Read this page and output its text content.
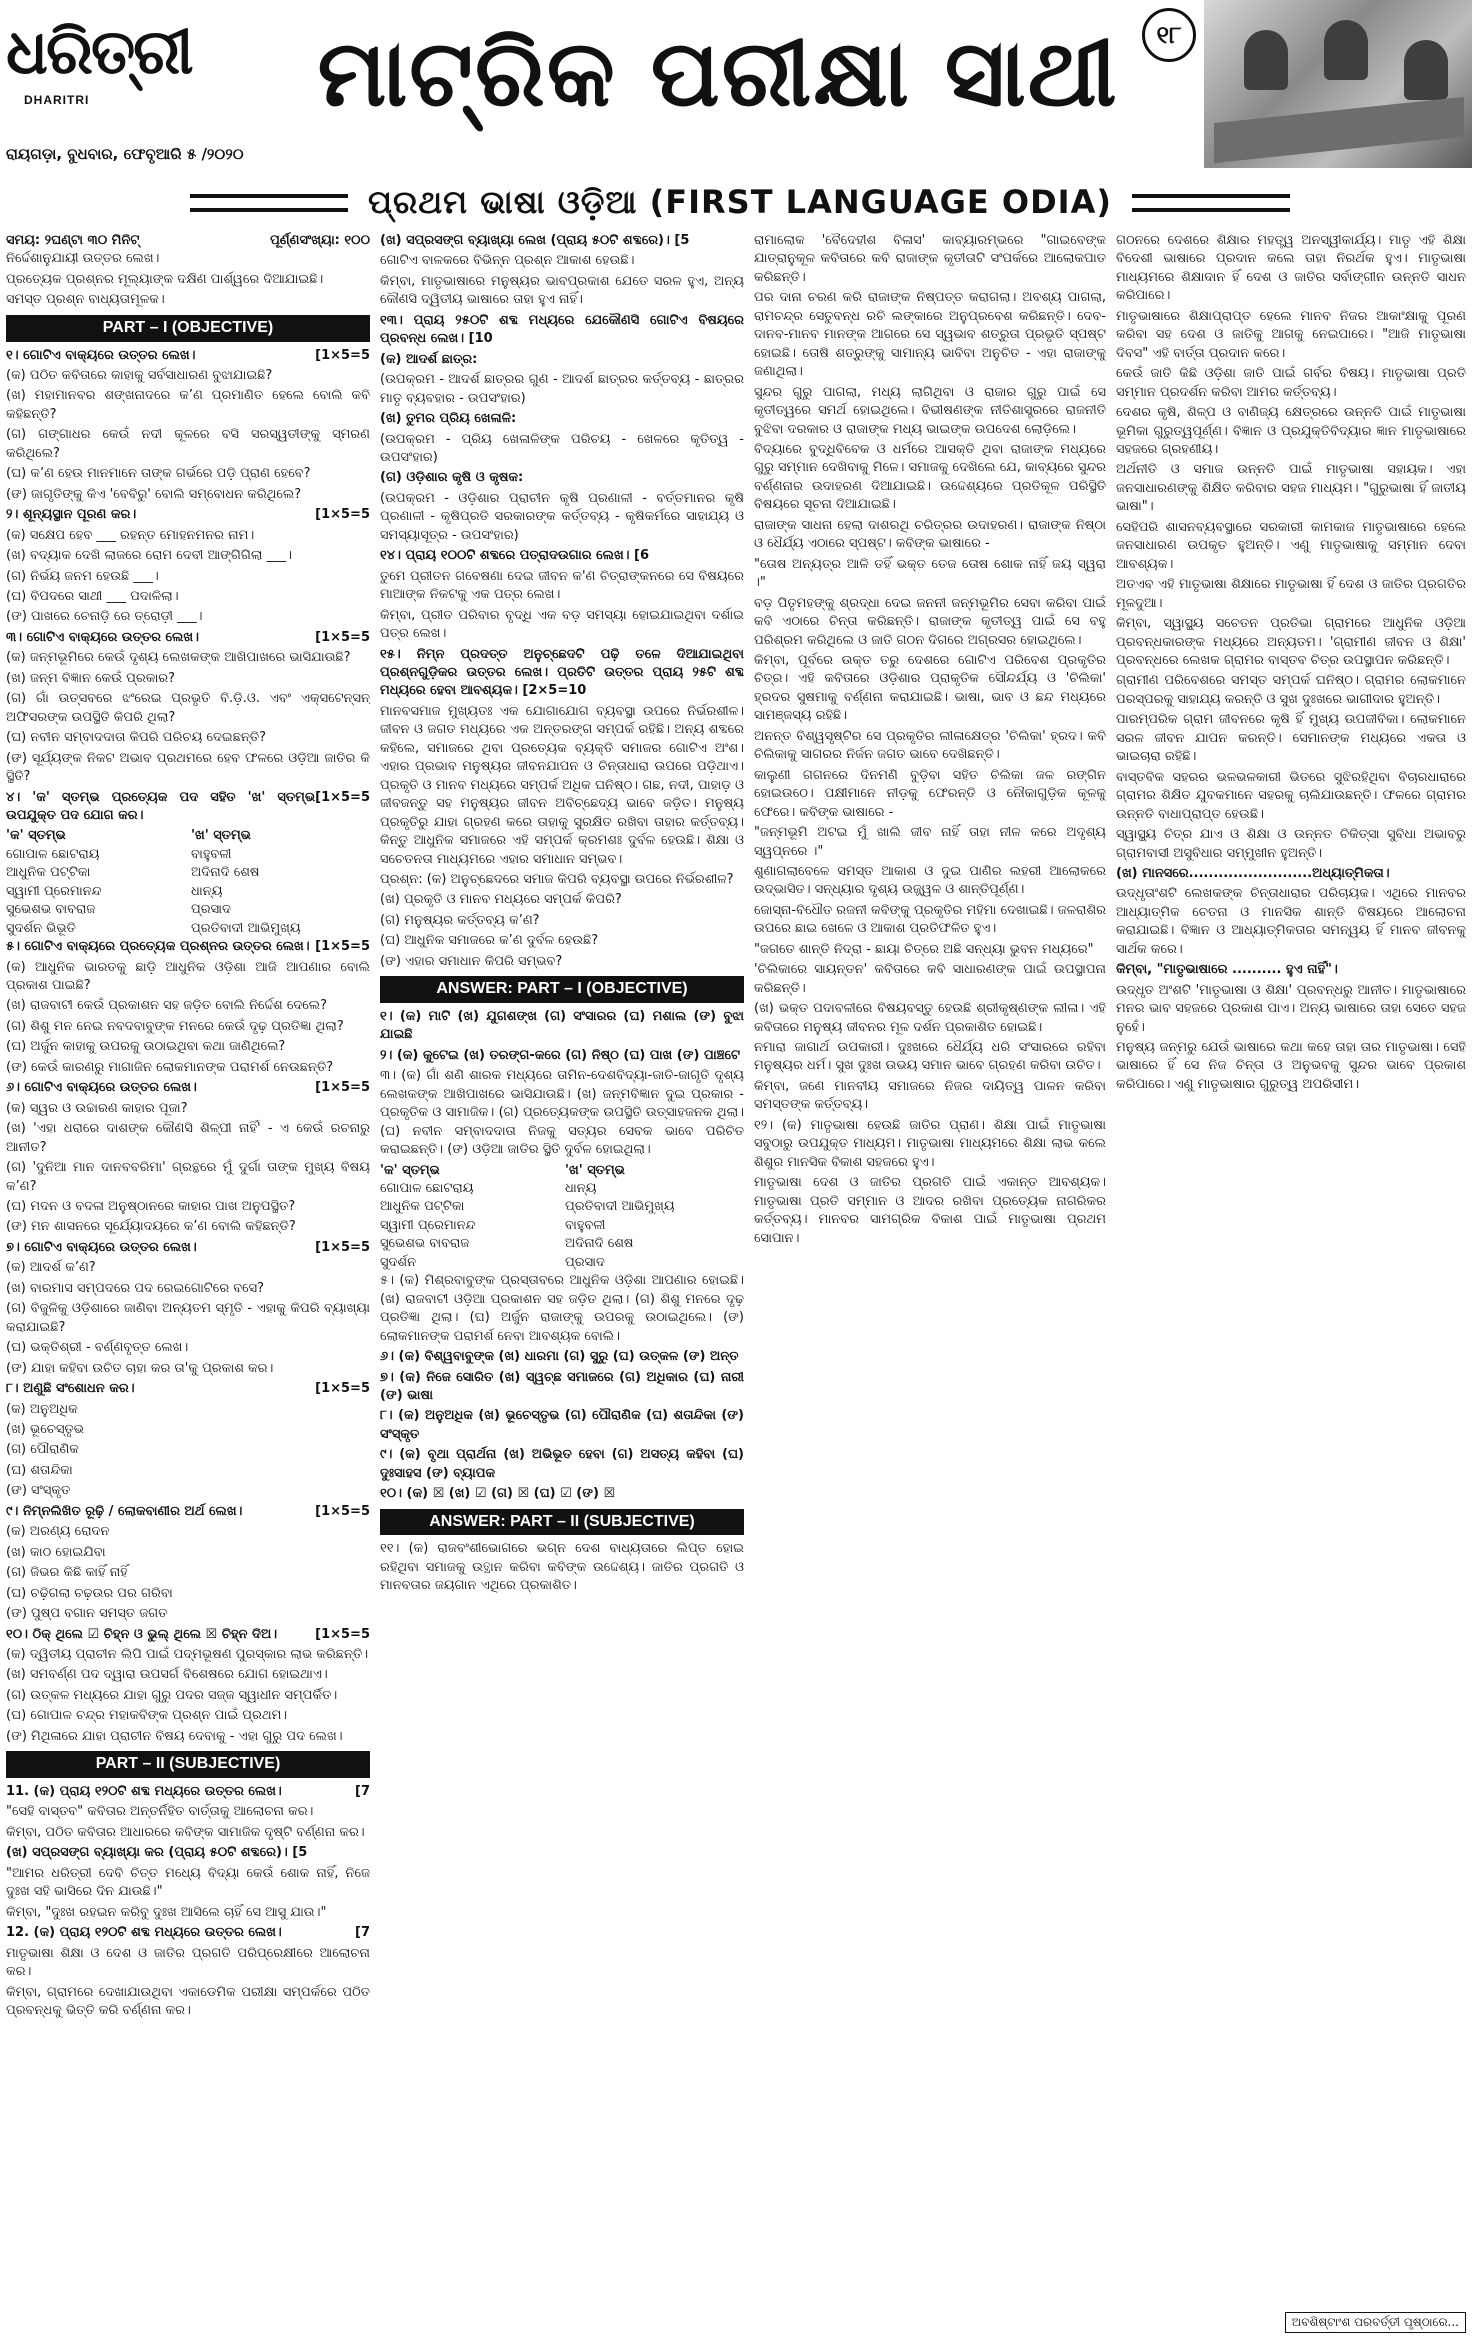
ଧରିତ୍ରୀ
DHARITRI
ରାୟଗଡ଼ା, ବୁଧବାର, ଫେବୃଆରି ୫ /୨୦୨୦
ମାଟ୍ରିକ ପରୀକ୍ଷା ସାଥୀ	୧୮
ପ୍ରଥମ ଭାଷା ଓଡ଼ିଆ (FIRST LANGUAGE ODIA)
ସମୟ: ୨ଘଣ୍ଟା ୩୦ ମିନିଟ୍	ପୂର୍ଣ୍ଣସଂଖ୍ୟା: ୧୦୦

ନିର୍ଦ୍ଦେଶାନୁଯାୟୀ ଉତ୍ତର ଲେଖ।

ପ୍ରତ୍ୟେକ ପ୍ରଶ୍ନର ମୂଲ୍ୟାଙ୍କ ଦକ୍ଷିଣ ପାର୍ଶ୍ୱରେ ଦିଆଯାଇଛି।

ସମସ୍ତ ପ୍ରଶ୍ନ ବାଧ୍ୟତାମୂଳକ।

PART – I (OBJECTIVE)

[1×5=5
୧। ଗୋଟିଏ ବାକ୍ୟରେ ଉତ୍ତର ଲେଖ।

(କ) ପଠିତ କବିତାରେ କାହାକୁ ସର୍ବସାଧାରଣ ବୁଝାଯାଇଛି?

(ଖ) ମହାମାନବର ଶଙ୍ଖନାଦରେ କ’ଣ ପ୍ରମାଣିତ ହେଲେ ବୋଲି କବି କହିଛନ୍ତି?

(ଗ) ଗଙ୍ଗାଧର କେଉଁ ନଦୀ କୂଳରେ ବସି ସରସ୍ୱତୀଙ୍କୁ ସ୍ମରଣ କରିଥିଲେ?

(ଘ) କ’ଣ ହେଉ ମାନମାନେ ତାଙ୍କ ଗର୍ଭରେ ପଡ଼ି ପ୍ରାଣ ହେବେ?

(ଙ) ଜାଗୃତିଙ୍କୁ କିଏ 'ବେବିରୁ' ବୋଲି ସମ୍ବୋଧନ କରିଥିଲେ?

[1×5=5
୨। ଶୂନ୍ୟସ୍ଥାନ ପୂରଣ କର।

(କ) ସକ୍ଷେପ ହେବ ___ ରହନ୍ତ ମୋହନମନର ନାମ।

(ଖ) ବଦ୍ୟାକ ଦେଖି ଲାଜରେ ରୋମ ଦେବୀ ଆଙ୍ଗିଗିଲା ___।

(ଗ) ନିର୍ଭୟ ଜନମ ହେଉଛି ___।

(ଘ) ବିପଦରେ ସାଥୀ ___ ପଦାଳିଲା।

(ଙ) ପାଖରେ ଚେନାଡ଼ି ରେ ତ୍ରୋଡ଼ୀ ___।

[1×5=5
୩। ଗୋଟିଏ ବାକ୍ୟରେ ଉତ୍ତର ଲେଖ।

(କ) ଜନ୍ମଭୂମିରେ କେଉଁ ଦୃଶ୍ୟ ଲେଖକଙ୍କ ଆଖିପାଖରେ ଭାସିଯାଉଛି?

(ଖ) ଜନ୍ମ ବିଜ୍ଞାନ କେଉଁ ପ୍ରକାର?

(ଗ) ଗାଁ ଉତ୍ସବରେ ଝଂରେଇ ପ୍ରଭୃତି ବି.ଡ଼ି.ଓ. ଏବଂ ଏକ୍ସଟେନ୍‌ସନ୍ ଅଫିସରଙ୍କ ଉପସ୍ଥିତି କିପରି ଥିଲା?

(ଘ) ନବୀନ ସମ୍ବାଦଦାତା କିପରି ପରିଚୟ ଦେଇଛନ୍ତି?

(ଙ) ସୂର୍ଯ୍ୟଙ୍କ ନିକଟ ଅଭାବ ପ୍ରଥମରେ ହେବ ଫଳରେ ଓଡ଼ିଆ ଜାତିର କି ସ୍ଥିତି?

[1×5=5
୪। 'କ' ସ୍ତମ୍ଭ ପ୍ରତ୍ୟେକ ପଦ ସହିତ 'ଖ' ସ୍ତମ୍ଭ ଉପଯୁକ୍ତ ପଦ ଯୋଗ କର।

'କ' ସ୍ତମ୍ଭ	'ଖ' ସ୍ତମ୍ଭ
ଗୋପାଳ ଛୋଟରାୟ	ବାହୁବଳୀ
ଆଧୁନିକ ପଟ୍ଟିକା	ଅଦିନାଦି ଶେଷ
ସ୍ୱାମୀ ପ୍ରେମାନନ୍ଦ	ଧାନ୍ୟ
ସୁଭେଶଭ ବାବରାଜ	ପ୍ରସାଦ
ସୁଦର୍ଶନ ଭିଭୂତି	ପ୍ରତିବାଦୀ ଆଭିମୁଖ୍ୟ

[1×5=5
୫। ଗୋଟିଏ ବାକ୍ୟରେ ପ୍ରତ୍ୟେକ ପ୍ରଶ୍ନର ଉତ୍ତର ଲେଖ।

(କ) ଆଧୁନିକ ଭାରତକୁ ଛାଡ଼ି ଆଧୁନିକ ଓଡ଼ିଶା ଆଜି ଆପଣାର ବୋଲି ପ୍ରକାଶ ପାଇଛି?

(ଖ) ରାଜବାଟୀ କେଉଁ ପ୍ରକାଶନ ସହ ଜଡ଼ିତ ବୋଲି ନିର୍ଦ୍ଦେଶ ଦେଲେ?

(ଗ) ଶିଶୁ ମନ ନେଇ ନବଦବାବୁଙ୍କ ମନରେ କେଉଁ ଦୃଢ଼ ପ୍ରତିଜ୍ଞା ଥିଲା?

(ଘ) ଅର୍ଜୁନ କାହାକୁ ଉପରକୁ ଉଠାଇଥିବା କଥା ଜାଣିଥିଲେ?

(ଙ) କେଉଁ କାରଣରୁ ମାଗାଜିନ ଲୋକମାନଙ୍କ ପରାମର୍ଶ ନେଉଛନ୍ତି?

[1×5=5
୬। ଗୋଟିଏ ବାକ୍ୟରେ ଉତ୍ତର ଲେଖ।

(କ) ସ୍ୱର ଓ ଉଚ୍ଚାରଣ କାହାର ପୂଜା?

(ଖ) 'ଏହା ଧରାରେ ଦାଶଙ୍କ କୌଣସି ଶିଳ୍ପୀ ନାହିଁ' - ଏ କେଉଁ ରଚନାରୁ ଆନୀତ?

(ଗ) 'ଦୁନିଆ ମାନ ଦାନବବରିମା' ଗ୍ରନ୍ଥରେ ମୁଁ ଦୁର୍ଗା ତାଙ୍କ ମୁଖ୍ୟ ବିଷୟ କ’ଣ?

(ଘ) ମଦନ ଓ ବଦଳା ଅନୁଷ୍ଠାନରେ କାହାର ପାଖ ଅନୁପସ୍ଥିତ?

(ଙ) ମନ ଶାସନରେ ସୂର୍ଯ୍ୟୋଦୟରେ କ’ଣ ବୋଲି କହିଛନ୍ତି?

[1×5=5
୭। ଗୋଟିଏ ବାକ୍ୟରେ ଉତ୍ତର ଲେଖ।

(କ) ଆଦର୍ଶ କ’ଣ?

(ଖ) ବାରମାସ ସମ୍ପଦରେ ପଦ ରେଇଗୋଟିରେ ବସେ?

(ଗ) ବିଜୁଳିକୁ ଓଡ଼ିଶାରେ ଜାଣିବା ଅନ୍ୟତମ ସ୍ମୃତି - ଏହାକୁ କିପରି ବ୍ୟାଖ୍ୟା କରାଯାଇଛି?

(ଘ) ଭକ୍ତିଶ୍ରୀ - ବର୍ଣ୍ଣବୃତ୍ତ ଲେଖ।

(ଙ) ଯାହା କହିବା ଉଚିତ ଚାହା କର ତା'କୁ ପ୍ରକାଶ କର।

[1×5=5
୮। ଅଣୁଛି ସଂଶୋଧନ କର।

(କ) ଅନୁଅଧିକ

(ଖ) ଭୂଚେସ୍ତୃଭ

(ଗ) ପୌରାଣିକ

(ଘ) ଶତାନ୍ଦିକା

(ଙ) ସଂସ୍କୃତ

[1×5=5
୯। ନିମ୍ନଲିଖିତ ରୂଢ଼ି / ଲୋକବାଣୀର ଅର୍ଥ ଲେଖ।

(କ) ଅରଣ୍ୟ ରୋଦନ

(ଖ) କାଠ ହୋଇଯିବା

(ଗ) ଜିଭର କିଛି କାହିଁ ନାହିଁ

(ଘ) ଚଢ଼ିଗଲା ଚଢ଼ଉର ପର ଗରିବା

(ଙ) ପୁଷ୍ପ ବଗାନ ସମସ୍ତ ଜଗତ

[1×5=5
୧୦। ଠିକ୍ ଥିଲେ ☑ ଚିହ୍ନ ଓ ଭୁଲ୍ ଥିଲେ ☒ ଚିହ୍ନ ଦିଅ।

(କ) ଦ୍ୱିତୀୟ ପ୍ରାଚୀନ ଲିପି ପାଇଁ ପଦ୍ମଭୂଷଣ ପୁରସ୍କାର ଲାଭ କରିଛନ୍ତି।

(ଖ) ସମବର୍ଣ୍ଣ ପଦ ଦ୍ୱାରା ଉପସର୍ଗ ବିଶେଷରେ ଯୋଗ ହୋଇଥାଏ।

(ଗ) ଉତ୍କଳ ମଧ୍ୟରେ ଯାହା ଗୁରୁ ପଦର ସଜ୍ଜ ସ୍ୱାଧୀନ ସମ୍ପର୍କିତ।

(ଘ) ଗୋପାଳ ଚନ୍ଦ୍ର ମହାକବିଙ୍କ ପ୍ରଶ୍ନ ପାଇଁ ପ୍ରଥମ।

(ଙ) ମିଥିଳାରେ ଯାହା ପ୍ରାଚୀନ ବିଷୟ ଦେବାକୁ - ଏହା ଗୁରୁ ପଦ ଲେଖ।

PART – II (SUBJECTIVE)

[7
11. (କ) ପ୍ରାୟ ୧୨୦ଟି ଶବ୍ଦ ମଧ୍ୟରେ ଉତ୍ତର ଲେଖ।

"ସେହି ବାସ୍ତବ" କବିତାର ଅନ୍ତର୍ନିହିତ ବାର୍ତ୍ତାକୁ ଆଲୋଚନା କର।

କିମ୍ବା, ପଠିତ କବିତାର ଆଧାରରେ କବିଙ୍କ ସାମାଜିକ ଦୃଷ୍ଟି ବର୍ଣ୍ଣନା କର।

(ଖ) ସପ୍ରସଙ୍ଗ ବ୍ୟାଖ୍ୟା କର (ପ୍ରାୟ ୫୦ଟି ଶବ୍ଦରେ)। [5

"ଆମର ଧରିତ୍ରୀ ଦେବି ଚିତ୍ତ ମଧ୍ୟେ ବିଦ୍ୟା କେଉଁ ଶୋକ ନାହିଁ, ନିଜେ ଦୁଃଖ ସହି ଭାସିରେ ଦିନ ଯାଉଛି।"

କିମ୍ବା, "ଦୁଃଖ ରହଇନ କରିବୁ ଦୁଃଖ ଆସିଲେ ଚାହିଁ ସେ ଆସୁ ଯାଉ।"

[7
12. (କ) ପ୍ରାୟ ୧୨୦ଟି ଶବ୍ଦ ମଧ୍ୟରେ ଉତ୍ତର ଲେଖ।

ମାତୃଭାଷା ଶିକ୍ଷା ଓ ଦେଶ ଓ ଜାତିର ପ୍ରଗତି ପରିପ୍ରେକ୍ଷୀରେ ଆଲୋଚନା କର।

କିମ୍ବା, ଗ୍ରାମରେ ଦେଖାଯାଉଥିବା ଏକାଡେମିକ ପରୀକ୍ଷା ସମ୍ପର୍କରେ ପଠିତ ପ୍ରବନ୍ଧକୁ ଭିତ୍ତି କରି ବର୍ଣ୍ଣନା କର।

(ଖ) ସପ୍ରସଙ୍ଗ ବ୍ୟାଖ୍ୟା ଲେଖ (ପ୍ରାୟ ୫୦ଟି ଶବ୍ଦରେ)। [5

ଗୋଟିଏ ବାଳକରେ ବିଭିନ୍ନ ପ୍ରଶ୍ନ ଆକାଶ ହେଉଛି।

କିମ୍ବା, ମାତୃଭାଷାରେ ମନୁଷ୍ୟର ଭାବପ୍ରକାଶ ଯେତେ ସରଳ ହୁଏ, ଅନ୍ୟ କୌଣସି ଦ୍ୱିତୀୟ ଭାଷାରେ ତାହା ହୁଏ ନାହିଁ।

୧୩। ପ୍ରାୟ ୨୫୦ଟି ଶବ୍ଦ ମଧ୍ୟରେ ଯେକୌଣସି ଗୋଟିଏ ବିଷୟରେ ପ୍ରବନ୍ଧ ଲେଖ। [10

(କ) ଆଦର୍ଶ ଛାତ୍ର:

(ଉପକ୍ରମ - ଆଦର୍ଶ ଛାତ୍ରର ଗୁଣ - ଆଦର୍ଶ ଛାତ୍ରର କର୍ତ୍ତବ୍ୟ - ଛାତ୍ରର ମାତୃ ବ୍ୟବହାର - ଉପସଂହାର)

(ଖ) ତୁମର ପ୍ରିୟ ଖେଳାଳି:

(ଉପକ୍ରମ - ପ୍ରିୟ ଖେଳାଳିଙ୍କ ପରିଚୟ - ଖେଳରେ କୃତିତ୍ୱ - ଉପସଂହାର)

(ଗ) ଓଡ଼ିଶାର କୃଷି ଓ କୃଷକ:

(ଉପକ୍ରମ - ଓଡ଼ିଶାର ପ୍ରାଚୀନ କୃଷି ପ୍ରଣାଳୀ - ବର୍ତ୍ତମାନର କୃଷି ପ୍ରଣାଳୀ - କୃଷିପ୍ରତି ସରକାରଙ୍କ କର୍ତ୍ତବ୍ୟ - କୃଷିକର୍ମରେ ସାହାଯ୍ୟ ଓ ସମସ୍ୟାସୂତ୍ର - ଉପସଂହାର)

୧୪। ପ୍ରାୟ ୧୦୦ଟି ଶବ୍ଦରେ ପତ୍ରାଦଉଗାର ଲେଖ। [6

ତୁମେ ପ୍ରୀତନ ଗବେଷଣା ଦେଇ ଜୀବନ କ'ଣ ଚିତ୍ରାଙ୍କନରେ ସେ ବିଷୟରେ ମାଆଙ୍କ ନିକଟକୁ ଏକ ପତ୍ର ଲେଖ।

କିମ୍ବା, ପ୍ରୀତ ପରିବାର ବୃଦ୍ଧି ଏକ ବଡ଼ ସମସ୍ୟା ହୋଇଯାଇଥିବା ଦର୍ଶାଇ ପତ୍ର ଲେଖ।

୧୫। ନିମ୍ନ ପ୍ରଦତ୍ତ ଅନୁଚ୍ଛେଦଟି ପଢ଼ି ତଳେ ଦିଆଯାଇଥିବା ପ୍ରଶ୍ନଗୁଡ଼ିକର ଉତ୍ତର ଲେଖ। ପ୍ରତିଟି ଉତ୍ତର ପ୍ରାୟ ୨୫ଟି ଶବ୍ଦ ମଧ୍ୟରେ ହେବା ଆବଶ୍ୟକ। [2×5=10

ମାନବସମାଜ ମୁଖ୍ୟତଃ ଏକ ଯୋଗାଯୋଗ ବ୍ୟବସ୍ଥା ଉପରେ ନିର୍ଭରଶୀଳ। ଜୀବନ ଓ ଜଗତ ମଧ୍ୟରେ ଏକ ଅନ୍ତରଙ୍ଗ ସମ୍ପର୍କ ରହିଛି। ଅନ୍ୟ ଶବ୍ଦରେ କହିଲେ, ସମାଜରେ ଥିବା ପ୍ରତ୍ୟେକ ବ୍ୟକ୍ତି ସମାଜର ଗୋଟିଏ ଅଂଶ। ଏହାର ପ୍ରଭାବ ମନୁଷ୍ୟର ଜୀବନଯାପନ ଓ ଚିନ୍ତାଧାରା ଉପରେ ପଡ଼ିଥାଏ। ପ୍ରକୃତି ଓ ମାନବ ମଧ୍ୟରେ ସମ୍ପର୍କ ଅଧିକ ଘନିଷ୍ଠ। ଗଛ, ନଦୀ, ପାହାଡ଼ ଓ ଜୀବଜନ୍ତୁ ସହ ମନୁଷ୍ୟର ଜୀବନ ଅବିଚ୍ଛେଦ୍ୟ ଭାବେ ଜଡ଼ିତ। ମନୁଷ୍ୟ ପ୍ରକୃତିରୁ ଯାହା ଗ୍ରହଣ କରେ ତାହାକୁ ସୁରକ୍ଷିତ ରଖିବା ତାହାର କର୍ତ୍ତବ୍ୟ। କିନ୍ତୁ ଆଧୁନିକ ସମାଜରେ ଏହି ସମ୍ପର୍କ କ୍ରମଶଃ ଦୁର୍ବଳ ହେଉଛି। ଶିକ୍ଷା ଓ ସଚେତନତା ମାଧ୍ୟମରେ ଏହାର ସମାଧାନ ସମ୍ଭବ।

ପ୍ରଶ୍ନ: (କ) ଅନୁଚ୍ଛେଦରେ ସମାଜ କିପରି ବ୍ୟବସ୍ଥା ଉପରେ ନିର୍ଭରଶୀଳ?

(ଖ) ପ୍ରକୃତି ଓ ମାନବ ମଧ୍ୟରେ ସମ୍ପର୍କ କିପରି?

(ଗ) ମନୁଷ୍ୟର କର୍ତ୍ତବ୍ୟ କ’ଣ?

(ଘ) ଆଧୁନିକ ସମାଜରେ କ’ଣ ଦୁର୍ବଳ ହେଉଛି?

(ଙ) ଏହାର ସମାଧାନ କିପରି ସମ୍ଭବ?

ANSWER: PART – I (OBJECTIVE)

୧। (କ) ମାଟି (ଖ) ଯୁଗଶଙ୍ଖ (ଗ) ସଂସାରର (ଘ) ମଶାଲ (ଙ) ବୁଝା ଯାଇଛି

୨। (କ) କୁଟେଇ (ଖ) ତରଙ୍ଗ-କରେ (ଗ) ନିଷ୍ଠ (ଘ) ପାଖ (ଙ) ପାଞ୍ଚଟେ

୩। (କ) ଗାଁ ଶଣି ଶାରକ ମଧ୍ୟରେ ତାମିନ-ଦେଶବିଦ୍ୟା-ଜାତି-ଜାଗୃତି ଦୃଶ୍ୟ ଲେଖକଙ୍କ ଆଖିପାଖରେ ଭାସିଯାଉଛି। (ଖ) ଜନ୍ମବିଜ୍ଞାନ ଦୁଇ ପ୍ରକାର - ପ୍ରକୃତିକ ଓ ସାମାଜିକ। (ଗ) ପ୍ରତ୍ୟେକଙ୍କ ଉପସ୍ଥିତି ଉତ୍ସାହଜନକ ଥିଲା। (ଘ) ନବୀନ ସମ୍ବାଦଦାତା ନିଜକୁ ସତ୍ୟର ସେବକ ଭାବେ ପରିଚିତ କରାଇଛନ୍ତି। (ଙ) ଓଡ଼ିଆ ଜାତିର ସ୍ଥିତି ଦୁର୍ବଳ ହୋଇଥିଲା।

'କ' ସ୍ତମ୍ଭ	'ଖ' ସ୍ତମ୍ଭ
ଗୋପାଳ ଛୋଟରାୟ	ଧାନ୍ୟ
ଆଧୁନିକ ପଟ୍ଟିକା	ପ୍ରତିବାଦୀ ଆଭିମୁଖ୍ୟ
ସ୍ୱାମୀ ପ୍ରେମାନନ୍ଦ	ବାହୁବଳୀ
ସୁଭେଶଭ ବାବରାଜ	ଅଦିନାଦି ଶେଷ
ସୁଦର୍ଶନ	ପ୍ରସାଦ

୫। (କ) ମିଶ୍ରବାବୁଙ୍କ ପ୍ରସ୍ତାବରେ ଆଧୁନିକ ଓଡ଼ିଶା ଆପଣାର ହୋଇଛି। (ଖ) ରାଜବାଟୀ ଓଡ଼ିଆ ପ୍ରକାଶନ ସହ ଜଡ଼ିତ ଥିଲା। (ଗ) ଶିଶୁ ମନରେ ଦୃଢ଼ ପ୍ରତିଜ୍ଞା ଥିଲା। (ଘ) ଅର୍ଜୁନ ରାଜାଙ୍କୁ ଉପରକୁ ଉଠାଇଥିଲେ। (ଙ) ଲୋକମାନଙ୍କ ପରାମର୍ଶ ନେବା ଆବଶ୍ୟକ ବୋଲି।

୬। (କ) ବିଶ୍ୱବାବୁଙ୍କ (ଖ) ଧାରମା (ଗ) ସୁରୁ (ଘ) ଉତ୍କଳ (ଙ) ଅନ୍ତ

୭। (କ) ନିଜେ ସୋରିତ (ଖ) ସ୍ୱଚ୍ଛ ସମାଜରେ (ଗ) ଅଧିକାର (ଘ) ନାରୀ (ଙ) ଭାଷା

୮। (କ) ଅନୁଅଧିକ (ଖ) ଭୂଚେସ୍ତୃଭ (ଗ) ପୌରାଣିକ (ଘ) ଶତାନ୍ଦିକା (ଙ) ସଂସ୍କୃତ

୯। (କ) ବୃଥା ପ୍ରାର୍ଥନା (ଖ) ଅଭିଭୂତ ହେବା (ଗ) ଅସତ୍ୟ କହିବା (ଘ) ଦୁଃସାହସ (ଙ) ବ୍ୟାପକ

୧୦। (କ) ☒ (ଖ) ☑ (ଗ) ☒ (ଘ) ☑ (ଙ) ☒

ANSWER: PART – II (SUBJECTIVE)

୧୧। (କ) ରାଜବଂଶୀଭୋଗରେ ଭଗ୍ନ ଦେଶ ବାଧ୍ୟତାରେ ଲିପ୍ତ ହୋଇ ରହିଥିବା ସମାଜକୁ ଉତ୍ଥାନ କରିବା କବିଙ୍କ ଉଦ୍ଦେଶ୍ୟ। ଜାତିର ପ୍ରଗତି ଓ ମାନବତାର ଜୟଗାନ ଏଥିରେ ପ୍ରକାଶିତ।

ରାମାଲୋକ 'ବୈଦେହୀଶ ବିଳାସ' କାବ୍ୟାରମ୍ଭରେ "ଗାଇବେଙ୍କ ଯାତ୍ରାନୁକୂଳ କବିତାରେ କବି ରାଜାଙ୍କ କୃତୀତାଟି ସଂପର୍କରେ ଆଲୋକପାତ କରିଛନ୍ତି।

ପର ଦାନା ଚରଣ କରି ରାଜାଙ୍କ ନିଷ୍ପତ୍ତ କରାଗଲା। ଅବଶ୍ୟ ପାଗଲା, ରାମଚନ୍ଦ୍ର ସେତୁବନ୍ଧ ରଚି ଲଙ୍କାରେ ଅନୁପ୍ରବେଶ କରିଛନ୍ତି। ଦେବ-ଦାନବ-ମାନବ ମାନଙ୍କ ଆଗରେ ସେ ସ୍ୱଭାବ ଶତ୍ରୁତା ପ୍ରଭୃତି ସ୍ପଷ୍ଟ ହୋଇଛି। ତୋଷି ଶତ୍ରୁଙ୍କୁ ସାମାନ୍ୟ ଭାବିବା ଅନୁଚିତ - ଏହା ରାଜାଙ୍କୁ ଜଣାଥିଲା।

ସୁନ୍ଦର ଗୁରୁ ପାଗଲା, ମଧ୍ୟ ଲାଗିଥିବା ଓ ରାଜାର ଗୁରୁ ପାଇଁ ସେ କୃତୀତ୍ୱରେ ସମର୍ଥ ହୋଇଥିଲେ। ବିଭୀଷଣଙ୍କ ନୀତିଶାସ୍ତ୍ରରେ ରାଜନୀତି ବୁଝିବା ଦରକାର ଓ ରାଜାଙ୍କ ମଧ୍ୟ ଭାଇଙ୍କ ଉପଦେଶ ଲୋଡ଼ିଲେ।

ବିଦ୍ୟାରେ ବୁଦ୍ଧିବିବେକ ଓ ଧର୍ମରେ ଆସକ୍ତି ଥିବା ରାଜାଙ୍କ ମଧ୍ୟରେ ଗୁରୁ ସମ୍ମାନ ଦେଖିବାକୁ ମିଳେ। ସମାଜକୁ ଦେଖିଲେ ଯେ, କାବ୍ୟରେ ସୁନ୍ଦର ବର୍ଣ୍ଣନାର ଉଦାହରଣ ଦିଆଯାଇଛି। ଉଦ୍ଦେଶ୍ୟରେ ପ୍ରତିକୂଳ ପରିସ୍ଥିତି ବିଷୟରେ ସୂଚନା ଦିଆଯାଇଛି।

ରାଜାଙ୍କ ସାଧନା ହେଲା ଦାଶରଥି ଚରିତ୍ରର ଉଦାହରଣ। ରାଜାଙ୍କ ନିଷ୍ଠା ଓ ଧୈର୍ଯ୍ୟ ଏଠାରେ ସ୍ପଷ୍ଟ। କବିଙ୍କ ଭାଷାରେ -

"ତୋଷ ଅନ୍ୟତ୍ର ଆଳି ତହିଁ ଭକ୍ତ ତେଜ ତୋଷ ଶୋକ ନାହିଁ ଜୟ ସ୍ୱରା ।"

ବଡ଼ ପିତୃମହଙ୍କୁ ଶ୍ରଦ୍ଧା ଦେଇ ଜନନୀ ଜନ୍ମଭୂମିର ସେବା କରିବା ପାଇଁ କବି ଏଠାରେ ଚିନ୍ତା କରିଛନ୍ତି। ରାଜାଙ୍କ କୃତୀତ୍ୱ ପାଇଁ ସେ ବହୁ ପରିଶ୍ରମ କରିଥିଲେ ଓ ଜାତି ଗଠନ ଦିଗରେ ଅଗ୍ରସର ହୋଇଥିଲେ।

କିମ୍ବା, ପୂର୍ବରେ ଉକ୍ତ ତରୁ ଦେଶରେ ଗୋଟିଏ ପରିବେଶ ପ୍ରକୃତିର ଚିତ୍ର। ଏହି କବିତାରେ ଓଡ଼ିଶାର ପ୍ରାକୃତିକ ସୌନ୍ଦର୍ଯ୍ୟ ଓ 'ଚିଲିକା' ହ୍ରଦର ସୁଷମାକୁ ବର୍ଣ୍ଣନା କରାଯାଇଛି। ଭାଷା, ଭାବ ଓ ଛନ୍ଦ ମଧ୍ୟରେ ସାମଞ୍ଜସ୍ୟ ରହିଛି।

ଅନନ୍ତ ବିଶ୍ୱସୃଷ୍ଟିର ସେ ପ୍ରକୃତିର ଲୀଳାକ୍ଷେତ୍ର 'ଚିଲିକା' ହ୍ରଦ। କବି ଚିଲିକାକୁ ସାଗରର ନିର୍ଜନ ଜଗତ ଭାବେ ଦେଖିଛନ୍ତି।

କାଲୁଣୀ ଗଗନରେ ଦିନମଣି ବୁଡ଼ିବା ସହିତ ଚିଲିକା ଜଳ ରଙ୍ଗିନ ହୋଇଉଠେ। ପକ୍ଷୀମାନେ ନୀଡ଼କୁ ଫେରନ୍ତି ଓ ନୌକାଗୁଡ଼ିକ କୂଳକୁ ଫେରେ। କବିଙ୍କ ଭାଷାରେ -

"ଜନ୍ମଭୂମି ଅଟଇ ମୁଁ ଖାଲି ଜୀବ ନାହିଁ ତାହା ନୀଳ କରେ ଅଦୃଶ୍ୟ ସ୍ୱପ୍ନରେ ।"

ଶୁଣାଗଲାବେଳେ ସମସ୍ତ ଆକାଶ ଓ ଦୁଇ ପାଣିର ଲହରୀ ଆଲୋକରେ ଉଦ୍ଭାସିତ। ସନ୍ଧ୍ୟାର ଦୃଶ୍ୟ ଉଜ୍ଜ୍ୱଳ ଓ ଶାନ୍ତିପୂର୍ଣ୍ଣ।

ଜୋସ୍ନା-ବିଧୌତ ରଜନୀ କବିଙ୍କୁ ପ୍ରକୃତିର ମହିମା ଦେଖାଇଛି। ଜଳରାଶିର ଉପରେ ଛାଇ ଖେଳେ ଓ ଆକାଶ ପ୍ରତିଫଳିତ ହୁଏ।

"ଜଗତେ ଶାନ୍ତି ନିଦ୍ରା - ଛାୟା ଚିତ୍ରେ ଅଛି ସନ୍ଧ୍ୟା ଭୁବନ ମଧ୍ୟରେ"

'ଚିଲିକାରେ ସାୟନ୍ତନ' କବିତାରେ କବି ସାଧାରଣଙ୍କ ପାଇଁ ଉପସ୍ଥାପନା କରିଛନ୍ତି।

(ଖ) ଭକ୍ତ ପଦାବଳୀରେ ବିଷୟବସ୍ତୁ ହେଉଛି ଶ୍ରୀକୃଷ୍ଣଙ୍କ ଲୀଳା। ଏହି କବିତାରେ ମନୁଷ୍ୟ ଜୀବନର ମୂଳ ଦର୍ଶନ ପ୍ରକାଶିତ ହୋଇଛି।

ନମାରା ଜାଗାର୍ଥ ଉପକାରୀ। ଦୁଃଖରେ ଧୈର୍ଯ୍ୟ ଧରି ସଂସାରରେ ରହିବା ମନୁଷ୍ୟର ଧର୍ମ। ସୁଖ ଦୁଃଖ ଉଭୟ ସମାନ ଭାବେ ଗ୍ରହଣ କରିବା ଉଚିତ।

କିମ୍ବା, ଜଣେ ମାନବୀୟ ସମାଜରେ ନିଜର ଦାୟିତ୍ୱ ପାଳନ କରିବା ସମସ୍ତଙ୍କ କର୍ତ୍ତବ୍ୟ।

୧୨। (କ) ମାତୃଭାଷା ହେଉଛି ଜାତିର ପ୍ରାଣ। ଶିକ୍ଷା ପାଇଁ ମାତୃଭାଷା ସବୁଠାରୁ ଉପଯୁକ୍ତ ମାଧ୍ୟମ। ମାତୃଭାଷା ମାଧ୍ୟମରେ ଶିକ୍ଷା ଲାଭ କଲେ ଶିଶୁର ମାନସିକ ବିକାଶ ସହଜରେ ହୁଏ।

ମାତୃଭାଷା ଦେଶ ଓ ଜାତିର ପ୍ରଗତି ପାଇଁ ଏକାନ୍ତ ଆବଶ୍ୟକ। ମାତୃଭାଷା ପ୍ରତି ସମ୍ମାନ ଓ ଆଦର ରଖିବା ପ୍ରତ୍ୟେକ ନାଗରିକର କର୍ତ୍ତବ୍ୟ। ମାନବର ସାମଗ୍ରିକ ବିକାଶ ପାଇଁ ମାତୃଭାଷା ପ୍ରଥମ ସୋପାନ।

ଗଠନରେ ଦେଶରେ ଶିକ୍ଷାର ମହତ୍ତ୍ୱ ଅନସ୍ୱୀକାର୍ଯ୍ୟ। ମାତୃ ଏହି ଶିକ୍ଷା ବିଦେଶୀ ଭାଷାରେ ପ୍ରଦାନ କଲେ ତାହା ନିରର୍ଥକ ହୁଏ। ମାତୃଭାଷା ମାଧ୍ୟମରେ ଶିକ୍ଷାଦାନ ହିଁ ଦେଶ ଓ ଜାତିର ସର୍ବାଙ୍ଗୀନ ଉନ୍ନତି ସାଧନ କରିପାରେ।

ମାତୃଭାଷାରେ ଶିକ୍ଷାପ୍ରାପ୍ତ ହେଲେ ମାନବ ନିଜର ଆକାଂକ୍ଷାକୁ ପୂରଣ କରିବା ସହ ଦେଶ ଓ ଜାତିକୁ ଆଗକୁ ନେଇପାରେ। "ଆଜି ମାତୃଭାଷା ଦିବସ" ଏହି ବାର୍ତ୍ତା ପ୍ରଦାନ କରେ।

କେଉଁ ଜାତି କିଛି ଓଡ଼ିଶା ଜାତି ପାଇଁ ଗର୍ବର ବିଷୟ। ମାତୃଭାଷା ପ୍ରତି ସମ୍ମାନ ପ୍ରଦର୍ଶନ କରିବା ଆମର କର୍ତ୍ତବ୍ୟ।

ଦେଶର କୃଷି, ଶିଳ୍ପ ଓ ବାଣିଜ୍ୟ କ୍ଷେତ୍ରରେ ଉନ୍ନତି ପାଇଁ ମାତୃଭାଷା ଭୂମିକା ଗୁରୁତ୍ୱପୂର୍ଣ୍ଣ। ବିଜ୍ଞାନ ଓ ପ୍ରଯୁକ୍ତିବିଦ୍ୟାର ଜ୍ଞାନ ମାତୃଭାଷାରେ ସହଜରେ ଗ୍ରହଣୀୟ।

ଅର୍ଥନୀତି ଓ ସମାଜ ଉନ୍ନତି ପାଇଁ ମାତୃଭାଷା ସହାୟକ। ଏହା ଜନସାଧାରଣଙ୍କୁ ଶିକ୍ଷିତ କରିବାର ସହଜ ମାଧ୍ୟମ। "ଗୁରୁଭାଷା ହିଁ ଜାତୀୟ ଭାଷା"।

ସେହିପରି ଶାସନବ୍ୟବସ୍ଥାରେ ସରକାରୀ କାମକାଜ ମାତୃଭାଷାରେ ହେଲେ ଜନସାଧାରଣ ଉପକୃତ ହୁଅନ୍ତି। ଏଣୁ ମାତୃଭାଷାକୁ ସମ୍ମାନ ଦେବା ଆବଶ୍ୟକ।

ଅତଏବ ଏହି ମାତୃଭାଷା ଶିକ୍ଷାରେ ମାତୃଭାଷା ହିଁ ଦେଶ ଓ ଜାତିର ପ୍ରଗତିର ମୂଳଦୁଆ।

କିମ୍ବା, ସ୍ୱାସ୍ଥ୍ୟ ସଚେତନ ପ୍ରତିଭା ଗ୍ରାମରେ ଆଧୁନିକ ଓଡ଼ିଆ ପ୍ରବନ୍ଧକାରଙ୍କ ମଧ୍ୟରେ ଅନ୍ୟତମ। 'ଗ୍ରାମୀଣ ଜୀବନ ଓ ଶିକ୍ଷା' ପ୍ରବନ୍ଧରେ ଲେଖକ ଗ୍ରାମର ବାସ୍ତବ ଚିତ୍ର ଉପସ୍ଥାପନ କରିଛନ୍ତି।

ଗ୍ରାମୀଣ ପରିବେଶରେ ସମସ୍ତ ସମ୍ପର୍କ ଘନିଷ୍ଠ। ଗ୍ରାମର ଲୋକମାନେ ପରସ୍ପରକୁ ସାହାଯ୍ୟ କରନ୍ତି ଓ ସୁଖ ଦୁଃଖରେ ଭାଗୀଦାର ହୁଅନ୍ତି।

ପାରମ୍ପରିକ ଗ୍ରାମ ଜୀବନରେ କୃଷି ହିଁ ମୁଖ୍ୟ ଉପଜୀବିକା। ଲୋକମାନେ ସରଳ ଜୀବନ ଯାପନ କରନ୍ତି। ସେମାନଙ୍କ ମଧ୍ୟରେ ଏକତା ଓ ଭାଇଚାରା ରହିଛି।

ବାସ୍ତବିକ ସହରର ଭଳଭଳକାରୀ ଭିତରେ ସୁଝିରହିଥିବା ବିଚାରଧାରାରେ ଗ୍ରାମର ଶିକ୍ଷିତ ଯୁବକମାନେ ସହରକୁ ଚାଲିଯାଉଛନ୍ତି। ଫଳରେ ଗ୍ରାମର ଉନ୍ନତି ବାଧାପ୍ରାପ୍ତ ହେଉଛି।

ସ୍ୱାସ୍ଥ୍ୟ ଚିତ୍ର ଯାଏ ଓ ଶିକ୍ଷା ଓ ଉନ୍ନତ ଚିକିତ୍ସା ସୁବିଧା ଅଭାବରୁ ଗ୍ରାମବାସୀ ଅସୁବିଧାର ସମ୍ମୁଖୀନ ହୁଅନ୍ତି।

(ଖ) ମାନସରେ.........................ଅଧ୍ୟାତ୍ମିକତା।

ଉଦ୍ଧୃତାଂଶଟି ଲେଖକଙ୍କ ଚିନ୍ତାଧାରାର ପରିଚାୟକ। ଏଥିରେ ମାନବର ଆଧ୍ୟାତ୍ମିକ ଚେତନା ଓ ମାନସିକ ଶାନ୍ତି ବିଷୟରେ ଆଲୋଚନା କରାଯାଇଛି। ବିଜ୍ଞାନ ଓ ଆଧ୍ୟାତ୍ମିକତାର ସମନ୍ୱୟ ହିଁ ମାନବ ଜୀବନକୁ ସାର୍ଥକ କରେ।

କିମ୍ବା, "ମାତୃଭାଷାରେ .......... ହୁଏ ନାହିଁ"।

ଉଦ୍ଧୃତ ଅଂଶଟି 'ମାତୃଭାଷା ଓ ଶିକ୍ଷା' ପ୍ରବନ୍ଧରୁ ଆନୀତ। ମାତୃଭାଷାରେ ମନର ଭାବ ସହଜରେ ପ୍ରକାଶ ପାଏ। ଅନ୍ୟ ଭାଷାରେ ତାହା ସେତେ ସହଜ ନୁହେଁ।

ମନୁଷ୍ୟ ଜନ୍ମରୁ ଯେଉଁ ଭାଷାରେ କଥା କହେ ତାହା ତାର ମାତୃଭାଷା। ସେହି ଭାଷାରେ ହିଁ ସେ ନିଜ ଚିନ୍ତା ଓ ଅନୁଭବକୁ ସୁନ୍ଦର ଭାବେ ପ୍ରକାଶ କରିପାରେ। ଏଣୁ ମାତୃଭାଷାର ଗୁରୁତ୍ୱ ଅପରିସୀମ।

ଅବଶିଷ୍ଟାଂଶ ପରବର୍ତ୍ତୀ ପୃଷ୍ଠାରେ...
